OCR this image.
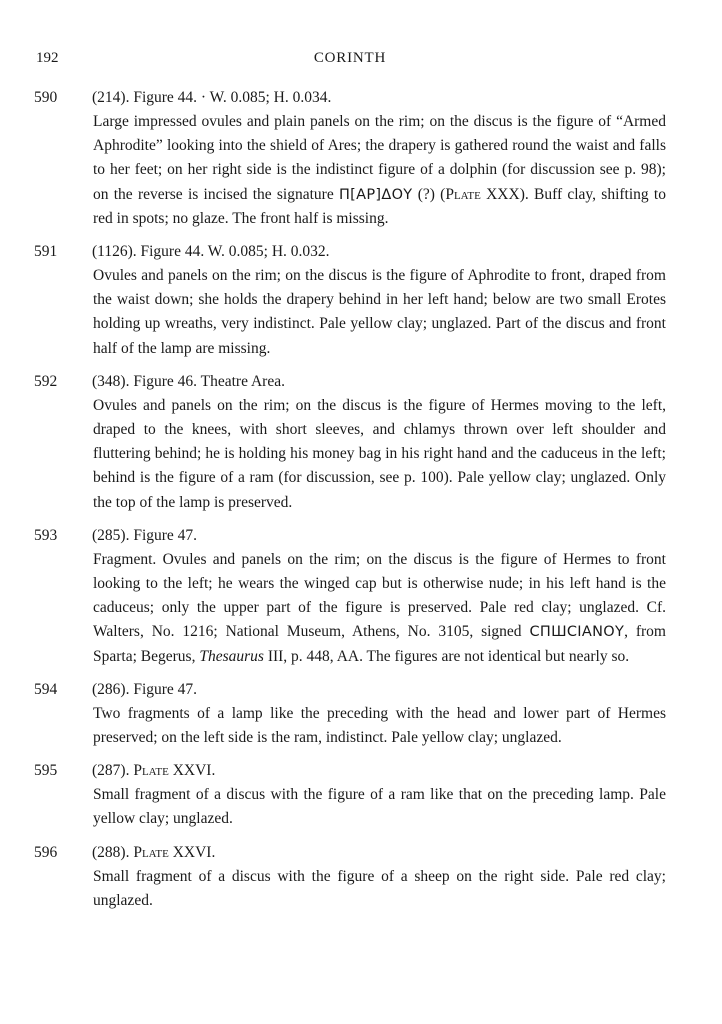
192	CORINTH
590 (214). Figure 44. · W. 0.085; H. 0.034.
Large impressed ovules and plain panels on the rim; on the discus is the figure of “Armed Aphrodite” looking into the shield of Ares; the drapery is gathered round the waist and falls to her feet; on her right side is the indistinct figure of a dolphin (for discussion see p. 98); on the reverse is incised the signature Π[ΑΡ]ΔΟΥ (?) (Plate XXX). Buff clay, shifting to red in spots; no glaze. The front half is missing.
591 (1126). Figure 44. W. 0.085; H. 0.032.
Ovules and panels on the rim; on the discus is the figure of Aphrodite to front, draped from the waist down; she holds the drapery behind in her left hand; below are two small Erotes holding up wreaths, very indistinct. Pale yellow clay; unglazed. Part of the discus and front half of the lamp are missing.
592 (348). Figure 46. Theatre Area.
Ovules and panels on the rim; on the discus is the figure of Hermes moving to the left, draped to the knees, with short sleeves, and chlamys thrown over left shoulder and fluttering behind; he is holding his money bag in his right hand and the caduceus in the left; behind is the figure of a ram (for discussion, see p. 100). Pale yellow clay; unglazed. Only the top of the lamp is preserved.
593 (285). Figure 47.
Fragment. Ovules and panels on the rim; on the discus is the figure of Hermes to front looking to the left; he wears the winged cap but is otherwise nude; in his left hand is the caduceus; only the upper part of the figure is preserved. Pale red clay; unglazed. Cf. Walters, No. 1216; National Museum, Athens, No. 3105, signed CΠШCΙΑΝΟΥ, from Sparta; Begerus, Thesaurus III, p. 448, AA. The figures are not identical but nearly so.
594 (286). Figure 47.
Two fragments of a lamp like the preceding with the head and lower part of Hermes preserved; on the left side is the ram, indistinct. Pale yellow clay; unglazed.
595 (287). Plate XXVI.
Small fragment of a discus with the figure of a ram like that on the preceding lamp. Pale yellow clay; unglazed.
596 (288). Plate XXVI.
Small fragment of a discus with the figure of a sheep on the right side. Pale red clay; unglazed.
